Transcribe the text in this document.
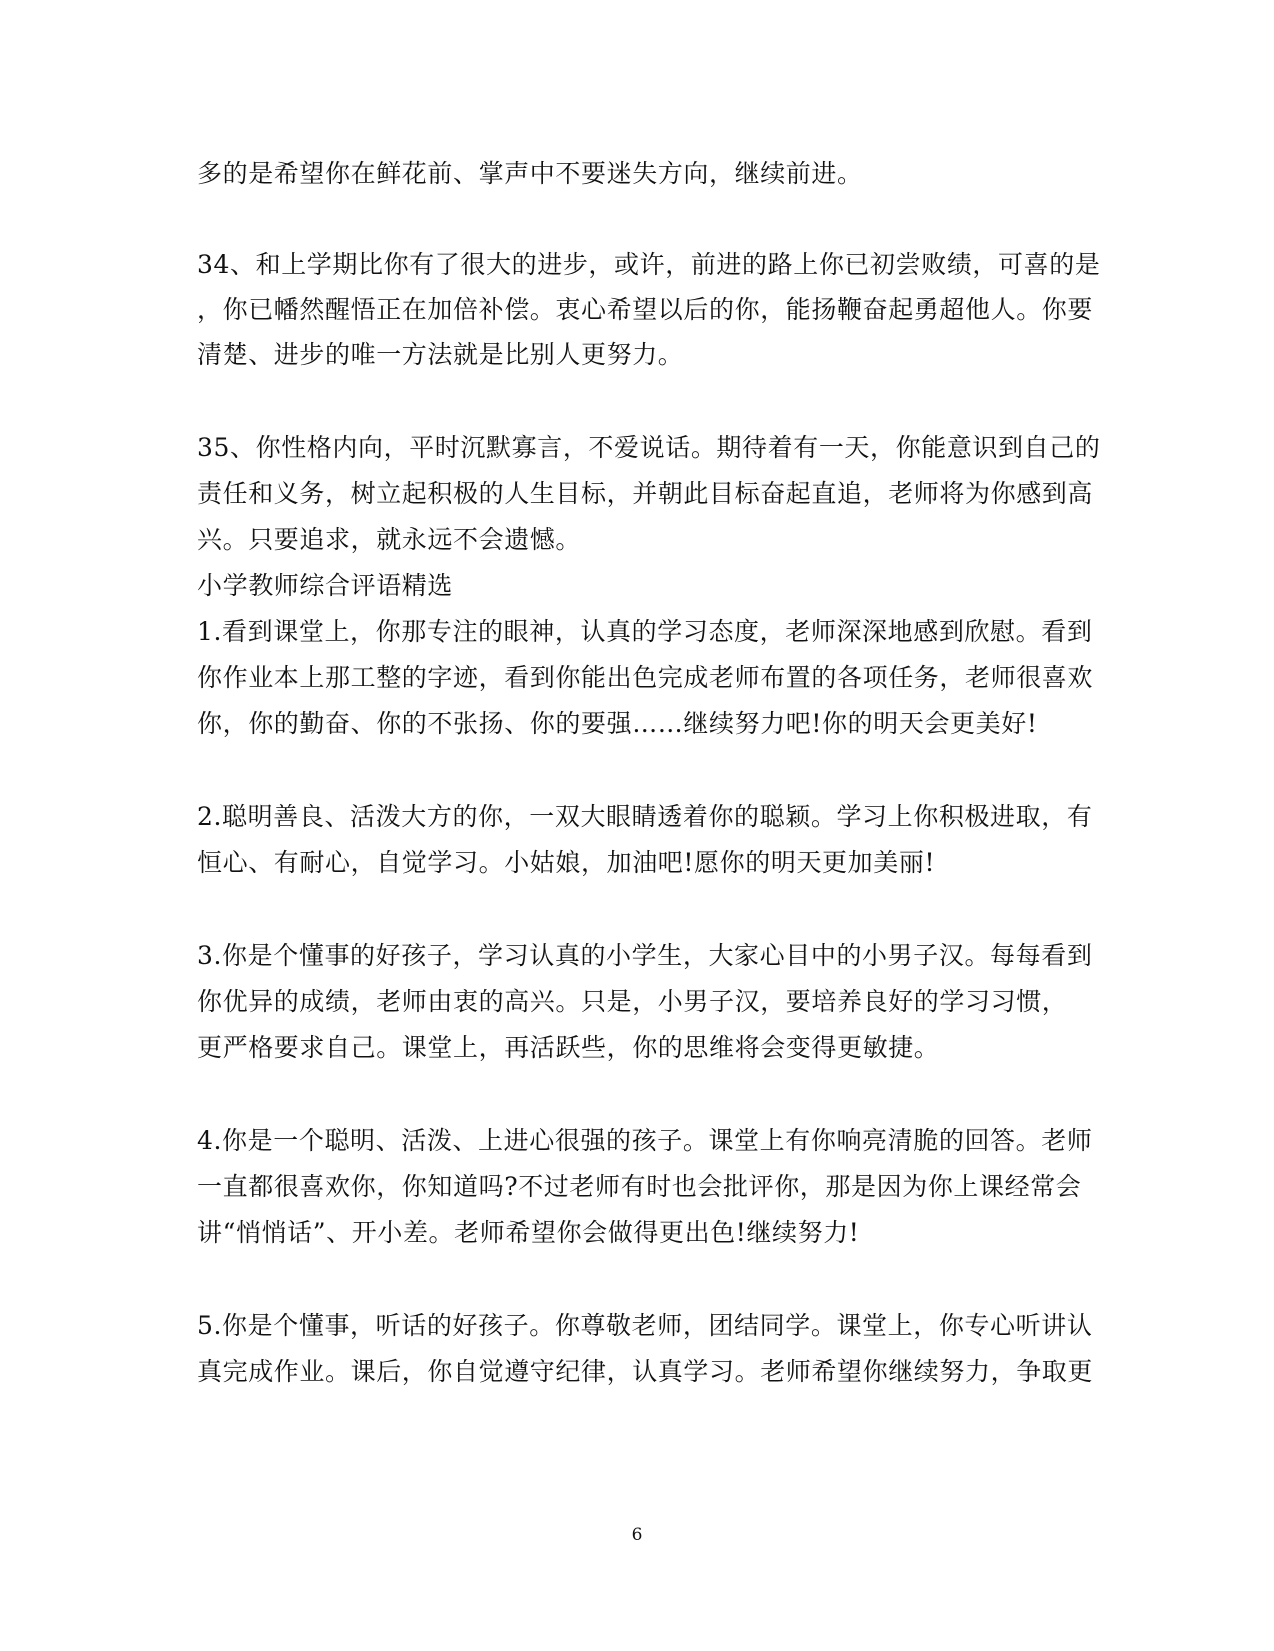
多的是希望你在鲜花前、掌声中不要迷失方向，继续前进。
34、和上学期比你有了很大的进步，或许，前进的路上你已初尝败绩，可喜的是
，你已幡然醒悟正在加倍补偿。衷心希望以后的你，能扬鞭奋起勇超他人。你要
清楚、进步的唯一方法就是比别人更努力。
35、你性格内向，平时沉默寡言，不爱说话。期待着有一天，你能意识到自己的
责任和义务，树立起积极的人生目标，并朝此目标奋起直追，老师将为你感到高
兴。只要追求，就永远不会遗憾。
小学教师综合评语精选
1.看到课堂上，你那专注的眼神，认真的学习态度，老师深深地感到欣慰。看到
你作业本上那工整的字迹，看到你能出色完成老师布置的各项任务，老师很喜欢
你，你的勤奋、你的不张扬、你的要强……继续努力吧!你的明天会更美好!
2.聪明善良、活泼大方的你，一双大眼睛透着你的聪颖。学习上你积极进取，有
恒心、有耐心，自觉学习。小姑娘，加油吧!愿你的明天更加美丽!
3.你是个懂事的好孩子，学习认真的小学生，大家心目中的小男子汉。每每看到
你优异的成绩，老师由衷的高兴。只是，小男子汉，要培养良好的学习习惯，
更严格要求自己。课堂上，再活跃些，你的思维将会变得更敏捷。
4.你是一个聪明、活泼、上进心很强的孩子。课堂上有你响亮清脆的回答。老师
一直都很喜欢你，你知道吗?不过老师有时也会批评你，那是因为你上课经常会
讲“悄悄话”、开小差。老师希望你会做得更出色!继续努力!
5.你是个懂事，听话的好孩子。你尊敬老师，团结同学。课堂上，你专心听讲认
真完成作业。课后，你自觉遵守纪律，认真学习。老师希望你继续努力，争取更
6
